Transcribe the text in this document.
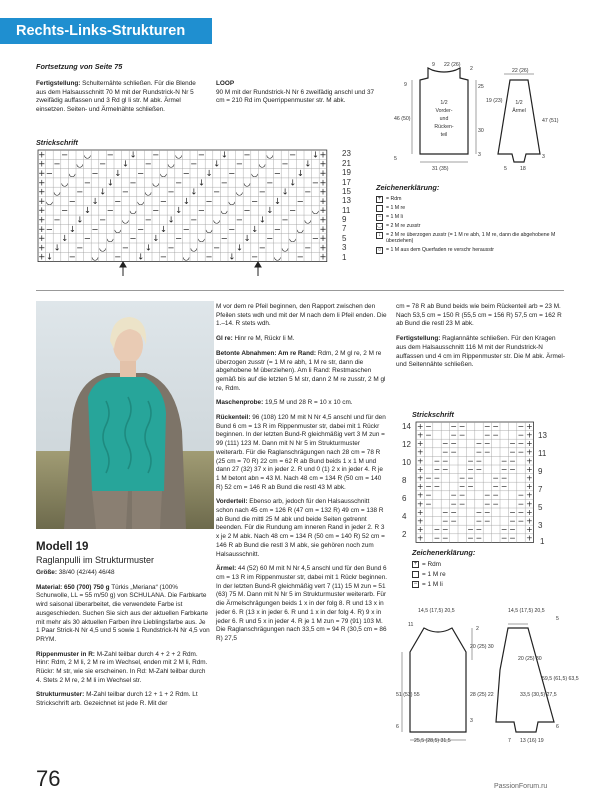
Rechts-Links-Strukturen
Fortsetzung von Seite 75
Fertigstellung: Schulternähte schließen. Für die Blende aus dem Halsausschnitt 70 M mit der Rundstrick-N Nr 5 zweifädig auffassen und 3 Rd gl li str. M abk. Ärmel einsetzen. Seiten- und Ärmelnähte schließen.
LOOP
90 M mit der Rundstrick-N Nr 6 zweifädig anschl und 37 cm = 210 Rd im Querrippenmuster str. M abk.
Strickschrift
+ − ◡ − ↓ − ◡ − ↓ − ◡ − ↓ +
+ − ◡ − ↓ − ◡ − ↓ − ◡ − ↓ +
+ − ◡ − ↓ − ◡ − ↓ − ◡ − ↓ +
+ ◡ − ↓ − ◡ − ↓ − ◡ − ↓ − +
+ ◡ − ↓ − ◡ − ↓ − ◡ − ↓ − +
+ ◡ − ↓ − ◡ − ↓ − ◡ − ↓ − +
+ − ↓ − ◡ − ↓ − ◡ − ↓ − ◡ +
+ − ↓ − ◡ − ↓ − ◡ − ↓ − ◡ +
+ − ↓ − ◡ − ↓ − ◡ − ↓ − ◡ +
+ ↓ − ◡ − ↓ − ◡ − ↓ − ◡ − +
+ ↓ − ◡ − ↓ − ◡ − ↓ − ◡ − +
+ ↓ − ◡ − ↓ − ◡ − ↓ − ◡ − +
23
21
19
17
15
13
11
9
7
5
3
1
9 22 (26)
2
46 (50)
31 (35)
5
30
25
3
22 (26)
19 (23)
47 (51)
18
5
3
9
1/2
Vorder-
und
Rücken-
teil
1/2
Ärmel
Zeichenerklärung:
+ = Rdm
= 1 M re
− = 1 M li
◡ = 2 M re zusstr
↓ = 2 M re überzogen zusstr (= 1 M re abh, 1 M re, dann die abgehobene M überziehen)
○ = 1 M aus dem Querfaden re verschr herausstr
Modell 19
Raglanpulli im Strukturmuster

Größe: 38/40 (42/44) 46/48

Material: 650 (700) 750 g Türkis „Meriana“ (100% Schurwolle, LL = 55 m/50 g) von SCHULANA. Die Farbkarte wird saisonal überarbeitet, die verwendete Farbe ist ausgeschieden. Suchen Sie sich aus der aktuellen Farbkarte mit mehr als 30 aktuellen Farben ihre Lieblingsfarbe aus. Je 1 Paar Strick-N Nr 4,5 und 5 sowie 1 Rundstrick-N Nr 4,5 von PRYM.

Rippenmuster in R: M-Zahl teilbar durch 4 + 2 + 2 Rdm. Hinr: Rdm, 2 M li, 2 M re im Wechsel, enden mit 2 M li, Rdm. Rückr: M str, wie sie erscheinen. In Rd: M-Zahl teilbar durch 4. Stets 2 M re, 2 M li im Wechsel str.

Strukturmuster: M-Zahl teilbar durch 12 + 1 + 2 Rdm. Lt Strickschrift arb. Gezeichnet ist jede R. Mit der

M vor dem re Pfeil beginnen, den Rapport zwischen den Pfeilen stets wdh und mit der M nach dem li Pfeil enden. Die 1.–14. R stets wdh.

Gl re: Hinr re M, Rückr li M.

Betonte Abnahmen: Am re Rand: Rdm, 2 M gl re, 2 M re überzogen zusstr (= 1 M re abh, 1 M re str, dann die abgehobene M überziehen). Am li Rand: Restmaschen gemäß bis auf die letzten 5 M str, dann 2 M re zusstr, 2 M gl re, Rdm.

Maschenprobe: 19,5 M und 28 R = 10 x 10 cm.

Rückenteil: 96 (108) 120 M mit N Nr 4,5 anschl und für den Bund 6 cm = 13 R im Rippenmuster str, dabei mit 1 Rückr beginnen. In der letzten Bund-R gleichmäßig vert 3 M zun = 99 (111) 123 M. Dann mit N Nr 5 im Strukturmuster weiterarb. Für die Raglanschrägungen nach 28 cm = 78 R (25 cm = 70 R) 22 cm = 62 R ab Bund beids 1 x 1 M und dann 27 (32) 37 x in jeder 2. R und 0 (1) 2 x in jeder 4. R je 1 M betont abn = 43 M. Nach 48 cm = 134 R (50 cm = 140 R) 52 cm = 146 R ab Bund die restl 43 M abk.

Vorderteil: Ebenso arb, jedoch für den Halsausschnitt schon nach 45 cm = 126 R (47 cm = 132 R) 49 cm = 138 R ab Bund die mittl 25 M abk und beide Seiten getrennt beenden. Für die Rundung am inneren Rand in jeder 2. R 3 x je 2 M abk. Nach 48 cm = 134 R (50 cm = 140 R) 52 cm = 146 R ab Bund die restl 3 M abk, sie gehören noch zum Halsausschnitt.

Ärmel: 44 (52) 60 M mit N Nr 4,5 anschl und für den Bund 6 cm = 13 R im Rippenmuster str, dabei mit 1 Rückr beginnen. In der letzten Bund-R gleichmäßig vert 7 (11) 15 M zun = 51 (63) 75 M. Dann mit N Nr 5 im Strukturmuster weiterarb. Für die Ärmelschrägungen beids 1 x in der folg 8. R und 13 x in jeder 6. R (13 x in jeder 6. R und 1 x in der folg 4. R) 9 x in jeder 6. R und 5 x in jeder 4. R je 1 M zun = 79 (91) 103 M. Die Raglanschrägungen nach 33,5 cm = 94 R (30,5 cm = 86 R) 27,5

cm = 78 R ab Bund beids wie beim Rückenteil arb = 23 M. Nach 53,5 cm = 150 R (55,5 cm = 156 R) 57,5 cm = 162 R ab Bund die restl 23 M abk.

Fertigstellung: Raglannähte schließen. Für den Kragen aus dem Halsausschnitt 116 M mit der Rundstrick-N auffassen und 4 cm im Rippenmuster str. Die M abk. Ärmel- und Seitennähte schließen.

Strickschrift
+ − − − − − − +
+ − − − − − − +
+ − − − − − − +
+ − − − − − − +
+ − − − − − − +
+ − − − − − − +
+ − − − − − − +
+ − − − − − − +
+ − − − − − − +
+ − − − − − − +
+ − − − − − − +
+ − − − − − − +
+ − − − − − − +
+ − − − − − − +
14
12
10
8
6
4
2
13
11
9
7
5
3
1
Zeichenerklärung:
+ = Rdm
= 1 M re
− = 1 M li
14,5 (17,5) 20,5
11
20 (25) 30
28 (25) 22
51 (53) 55
6
25,5 (28,5) 31,5
3
2
14,5 (17,5) 20,5
5
20 (25) 30
59,5 (61,5) 63,5
33,5 (30,5) 27,5
6
7 13 (16) 19
76	PassionForum.ru
